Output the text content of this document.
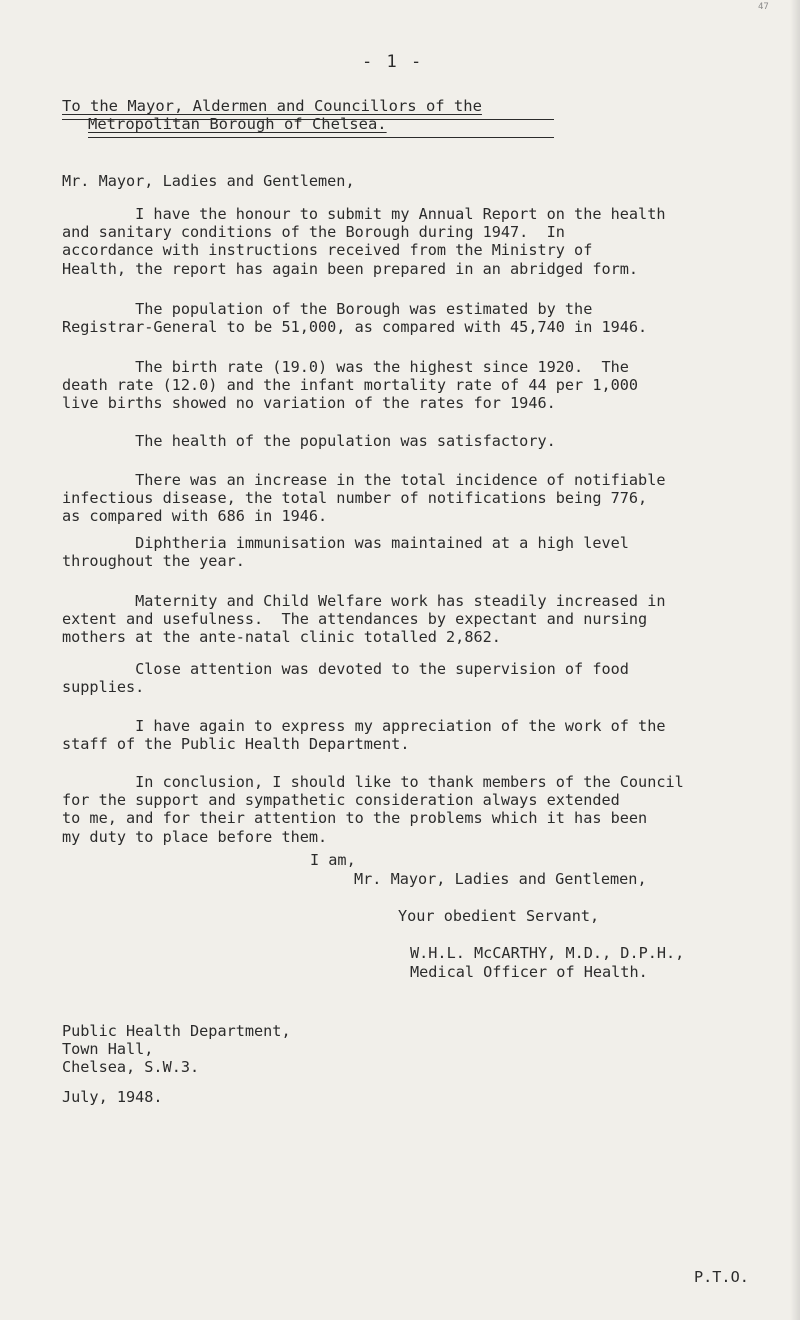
47
- 1 -
To the Mayor, Aldermen and Councillors of the
Metropolitan Borough of Chelsea.
Mr. Mayor, Ladies and Gentlemen,
I have the honour to submit my Annual Report on the health
and sanitary conditions of the Borough during 1947.  In
accordance with instructions received from the Ministry of
Health, the report has again been prepared in an abridged form.
The population of the Borough was estimated by the
Registrar-General to be 51,000, as compared with 45,740 in 1946.
The birth rate (19.0) was the highest since 1920.  The
death rate (12.0) and the infant mortality rate of 44 per 1,000
live births showed no variation of the rates for 1946.
The health of the population was satisfactory.
There was an increase in the total incidence of notifiable
infectious disease, the total number of notifications being 776,
as compared with 686 in 1946.
Diphtheria immunisation was maintained at a high level
throughout the year.
Maternity and Child Welfare work has steadily increased in
extent and usefulness.  The attendances by expectant and nursing
mothers at the ante-natal clinic totalled 2,862.
Close attention was devoted to the supervision of food
supplies.
I have again to express my appreciation of the work of the
staff of the Public Health Department.
In conclusion, I should like to thank members of the Council
for the support and sympathetic consideration always extended
to me, and for their attention to the problems which it has been
my duty to place before them.
I am,
Mr. Mayor, Ladies and Gentlemen,
Your obedient Servant,
W.H.L. McCARTHY, M.D., D.P.H.,
Medical Officer of Health.
Public Health Department,
Town Hall,
Chelsea, S.W.3.
July, 1948.
P.T.O.
